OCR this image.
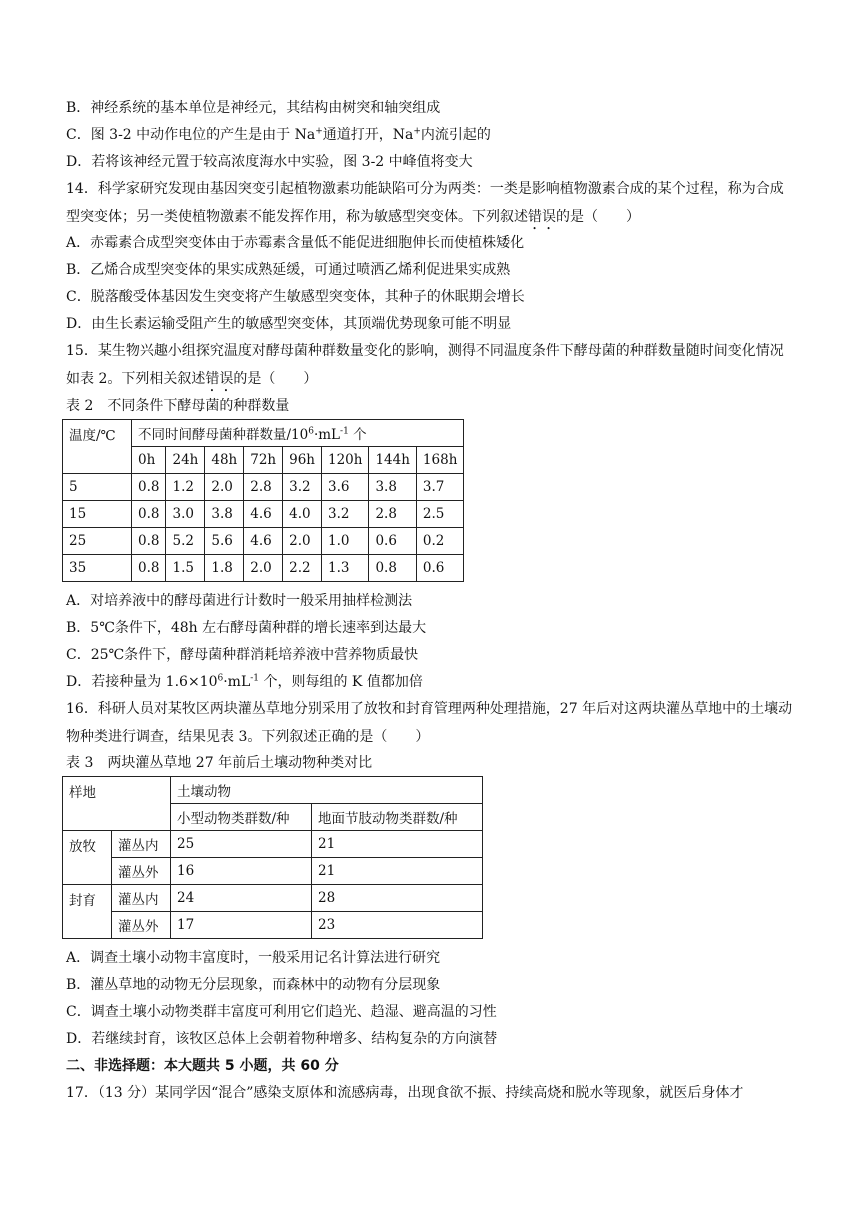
B．神经系统的基本单位是神经元，其结构由树突和轴突组成
C．图 3-2 中动作电位的产生是由于 Na+通道打开，Na+内流引起的
D．若将该神经元置于较高浓度海水中实验，图 3-2 中峰值将变大
14．科学家研究发现由基因突变引起植物激素功能缺陷可分为两类：一类是影响植物激素合成的某个过程，称为合成型突变体；另一类使植物激素不能发挥作用，称为敏感型突变体。下列叙述错误的是（　　）
A．赤霉素合成型突变体由于赤霉素含量低不能促进细胞伸长而使植株矮化
B．乙烯合成型突变体的果实成熟延缓，可通过喷洒乙烯利促进果实成熟
C．脱落酸受体基因发生突变将产生敏感型突变体，其种子的休眠期会增长
D．由生长素运输受阻产生的敏感型突变体，其顶端优势现象可能不明显
15．某生物兴趣小组探究温度对酵母菌种群数量变化的影响，测得不同温度条件下酵母菌的种群数量随时间变化情况如表 2。下列相关叙述错误的是（　　）
表 2　不同条件下酵母菌的种群数量
温度/℃	不同时间酵母菌种群数量$/10^6\cdot mL^{-1}$ 个							
	0h	24h	48h	72h	96h	120h	144h	168h
5	0.8	1.2	2.0	2.8	3.2	3.6	3.8	3.7
15	0.8	3.0	3.8	4.6	4.0	3.2	2.8	2.5
25	0.8	5.2	5.6	4.6	2.0	1.0	0.6	0.2
35	0.8	1.5	1.8	2.0	2.2	1.3	0.8	0.6
A．对培养液中的酵母菌进行计数时一般采用抽样检测法
B．5℃条件下，48h 左右酵母菌种群的增长速率到达最大
C．25℃条件下，酵母菌种群消耗培养液中营养物质最快
D．若接种量为 $1.6\times 10^6\cdot mL^{-1}$ 个，则每组的 K 值都加倍
16．科研人员对某牧区两块灌丛草地分别采用了放牧和封育管理两种处理措施，27 年后对这两块灌丛草地中的土壤动物种类进行调查，结果见表 3。下列叙述正确的是（　　）
表 3　两块灌丛草地 27 年前后土壤动物种类对比
样地		土壤动物	
		小型动物类群数/种	地面节肢动物类群数/种
放牧	灌丛内	25	21
	灌丛外	16	21
封育	灌丛内	24	28
	灌丛外	17	23
A．调查土壤小动物丰富度时，一般采用记名计算法进行研究
B．灌丛草地的动物无分层现象，而森林中的动物有分层现象
C．调查土壤小动物类群丰富度可利用它们趋光、趋湿、避高温的习性
D．若继续封育，该牧区总体上会朝着物种增多、结构复杂的方向演替
二、非选择题：本大题共 5 小题，共 60 分
17．（13 分）某同学因“混合”感染支原体和流感病毒，出现食欲不振、持续高烧和脱水等现象，就医后身体才
